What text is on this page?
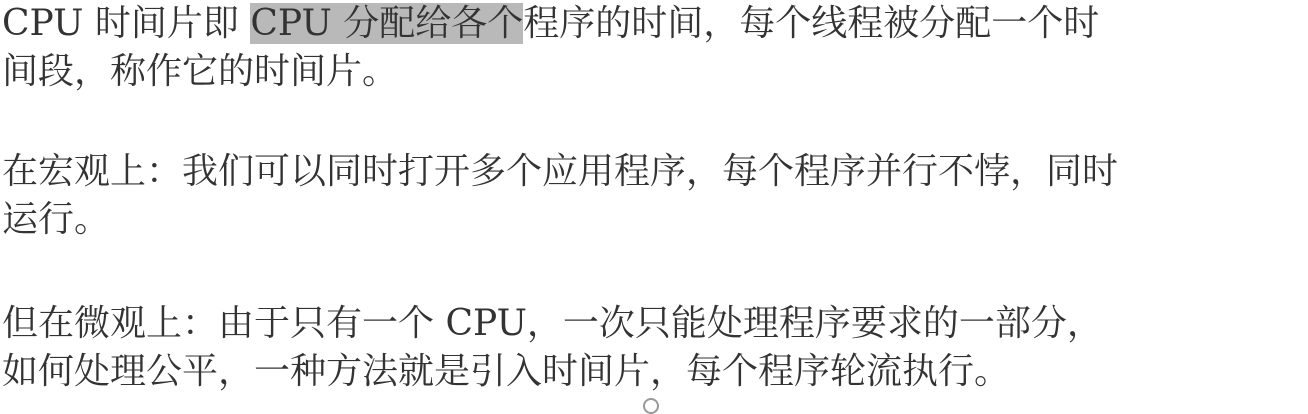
CPU 时间片即 CPU 分配给各个程序的时间，每个线程被分配一个时
间段，称作它的时间片。
在宏观上：我们可以同时打开多个应用程序，每个程序并行不悖，同时
运行。
但在微观上：由于只有一个 CPU，一次只能处理程序要求的一部分，
如何处理公平，一种方法就是引入时间片，每个程序轮流执行。
